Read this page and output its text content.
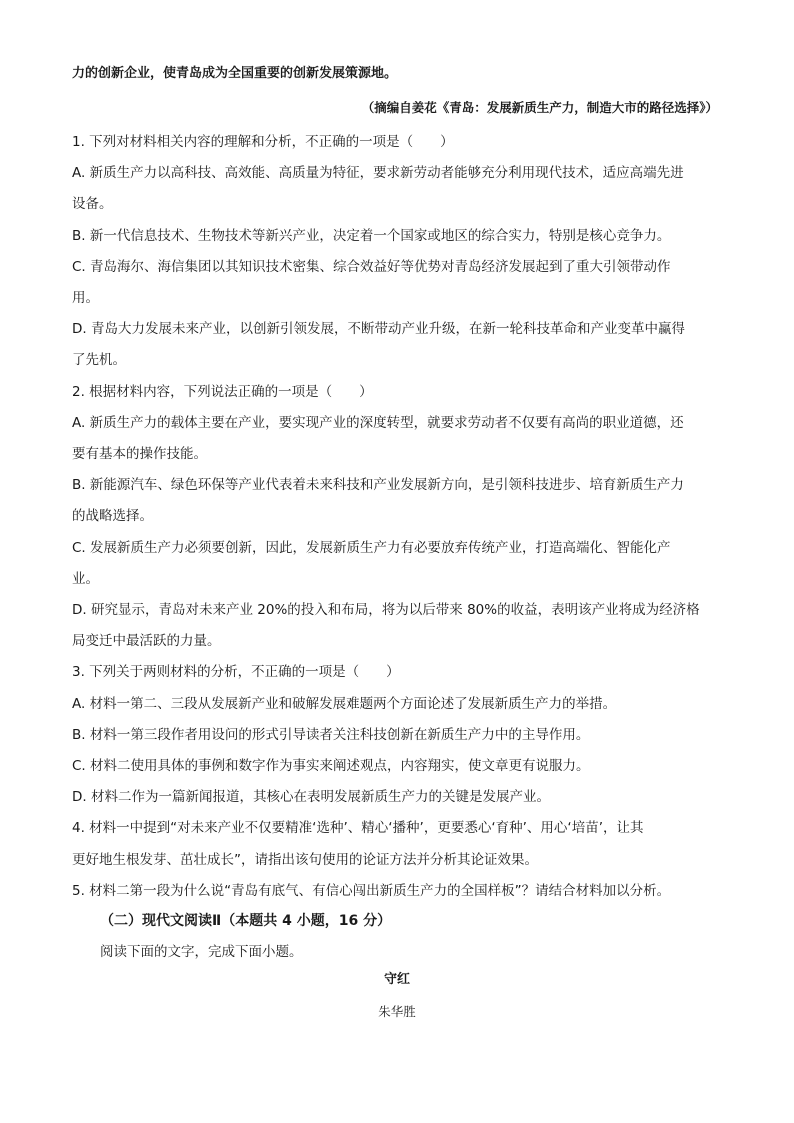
力的创新企业，使青岛成为全国重要的创新发展策源地。
（摘编自姜花《青岛：发展新质生产力，制造大市的路径选择》）
1. 下列对材料相关内容的理解和分析，不正确的一项是（　　）
A. 新质生产力以高科技、高效能、高质量为特征，要求新劳动者能够充分利用现代技术，适应高端先进
设备。
B. 新一代信息技术、生物技术等新兴产业，决定着一个国家或地区的综合实力，特别是核心竞争力。
C. 青岛海尔、海信集团以其知识技术密集、综合效益好等优势对青岛经济发展起到了重大引领带动作
用。
D. 青岛大力发展未来产业，以创新引领发展，不断带动产业升级，在新一轮科技革命和产业变革中赢得
了先机。
2. 根据材料内容，下列说法正确的一项是（　　）
A. 新质生产力的载体主要在产业，要实现产业的深度转型，就要求劳动者不仅要有高尚的职业道德，还
要有基本的操作技能。
B. 新能源汽车、绿色环保等产业代表着未来科技和产业发展新方向，是引领科技进步、培育新质生产力
的战略选择。
C. 发展新质生产力必须要创新，因此，发展新质生产力有必要放弃传统产业，打造高端化、智能化产
业。
D. 研究显示，青岛对未来产业 20%的投入和布局，将为以后带来 80%的收益，表明该产业将成为经济格
局变迁中最活跃的力量。
3. 下列关于两则材料的分析，不正确的一项是（　　）
A. 材料一第二、三段从发展新产业和破解发展难题两个方面论述了发展新质生产力的举措。
B. 材料一第三段作者用设问的形式引导读者关注科技创新在新质生产力中的主导作用。
C. 材料二使用具体的事例和数字作为事实来阐述观点，内容翔实，使文章更有说服力。
D. 材料二作为一篇新闻报道，其核心在表明发展新质生产力的关键是发展产业。
4. 材料一中提到“对未来产业不仅要精准‘选种’、精心‘播种’，更要悉心‘育种’、用心‘培苗’，让其
更好地生根发芽、茁壮成长”，请指出该句使用的论证方法并分析其论证效果。
5. 材料二第一段为什么说“青岛有底气、有信心闯出新质生产力的全国样板”？请结合材料加以分析。
（二）现代文阅读Ⅱ（本题共 4 小题，16 分）
阅读下面的文字，完成下面小题。
守红
朱华胜
